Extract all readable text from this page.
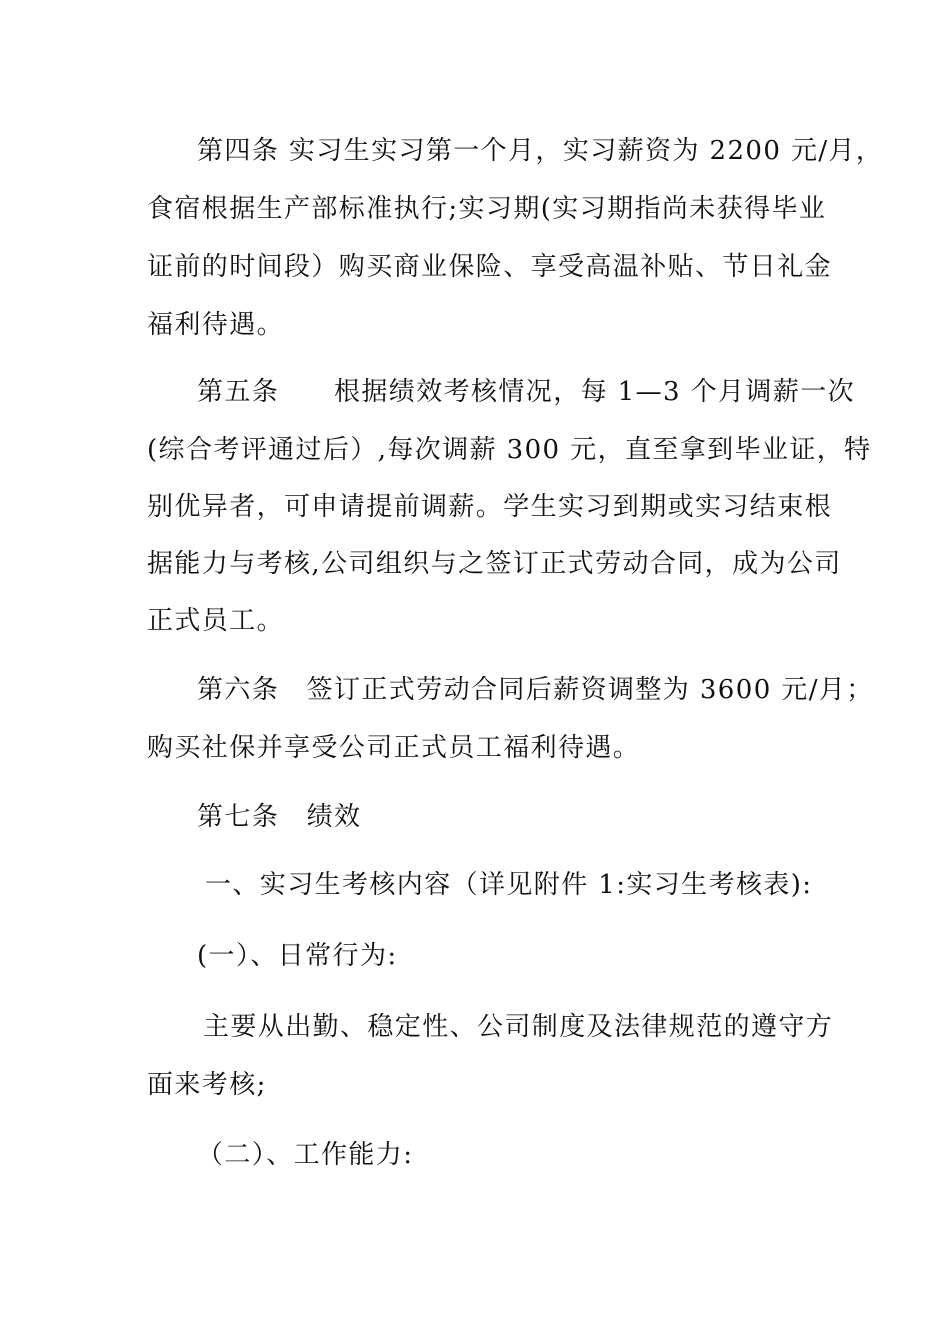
第四条 实习生实习第一个月，实习薪资为 2200 元/月，
食宿根据生产部标准执行;实习期(实习期指尚未获得毕业
证前的时间段）购买商业保险、享受高温补贴、节日礼金
福利待遇。
第五条　　根据绩效考核情况，每 1—3 个月调薪一次
(综合考评通过后）,每次调薪 300 元，直至拿到毕业证，特
别优异者，可申请提前调薪。学生实习到期或实习结束根
据能力与考核,公司组织与之签订正式劳动合同，成为公司
正式员工。
第六条　签订正式劳动合同后薪资调整为 3600 元/月；
购买社保并享受公司正式员工福利待遇。
第七条　绩效
一、实习生考核内容（详见附件 1:实习生考核表):
(一）、日常行为:
主要从出勤、稳定性、公司制度及法律规范的遵守方
面来考核;
（二）、工作能力:
